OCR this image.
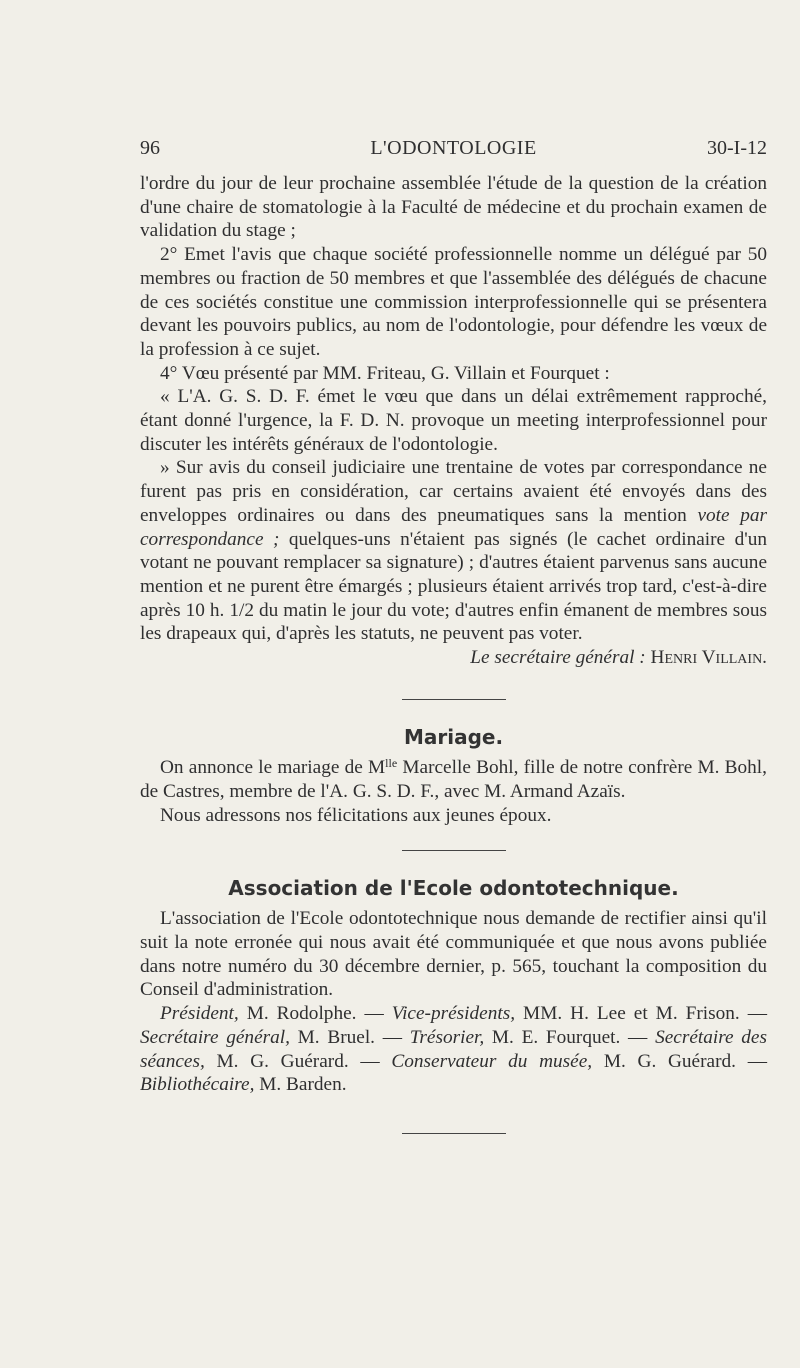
96	L'ODONTOLOGIE	30-I-12

l'ordre du jour de leur prochaine assemblée l'étude de la question de la création d'une chaire de stomatologie à la Faculté de médecine et du prochain examen de validation du stage ;

2° Emet l'avis que chaque société professionnelle nomme un délégué par 50 membres ou fraction de 50 membres et que l'assemblée des délégués de chacune de ces sociétés constitue une commission interprofessionnelle qui se présentera devant les pouvoirs publics, au nom de l'odontologie, pour défendre les vœux de la profession à ce sujet.

4° Vœu présenté par MM. Friteau, G. Villain et Fourquet :

« L'A. G. S. D. F. émet le vœu que dans un délai extrêmement rapproché, étant donné l'urgence, la F. D. N. provoque un meeting interprofessionnel pour discuter les intérêts généraux de l'odontologie.

» Sur avis du conseil judiciaire une trentaine de votes par correspondance ne furent pas pris en considération, car certains avaient été envoyés dans des enveloppes ordinaires ou dans des pneumatiques sans la mention vote par correspondance ; quelques-uns n'étaient pas signés (le cachet ordinaire d'un votant ne pouvant remplacer sa signature) ; d'autres étaient parvenus sans aucune mention et ne purent être émargés ; plusieurs étaient arrivés trop tard, c'est-à-dire après 10 h. 1/2 du matin le jour du vote; d'autres enfin émanent de membres sous les drapeaux qui, d'après les statuts, ne peuvent pas voter.

Le secrétaire général : Henri Villain.

Mariage.

On annonce le mariage de $M^{lle}$ Marcelle Bohl, fille de notre confrère M. Bohl, de Castres, membre de l'A. G. S. D. F., avec M. Armand Azaïs.

Nous adressons nos félicitations aux jeunes époux.

Association de l'Ecole odontotechnique.

L'association de l'Ecole odontotechnique nous demande de rectifier ainsi qu'il suit la note erronée qui nous avait été communiquée et que nous avons publiée dans notre numéro du 30 décembre dernier, p. 565, touchant la composition du Conseil d'administration.

Président, M. Rodolphe. — Vice-présidents, MM. H. Lee et M. Frison. — Secrétaire général, M. Bruel. — Trésorier, M. E. Fourquet. — Secrétaire des séances, M. G. Guérard. — Conservateur du musée, M. G. Guérard. — Bibliothécaire, M. Barden.
